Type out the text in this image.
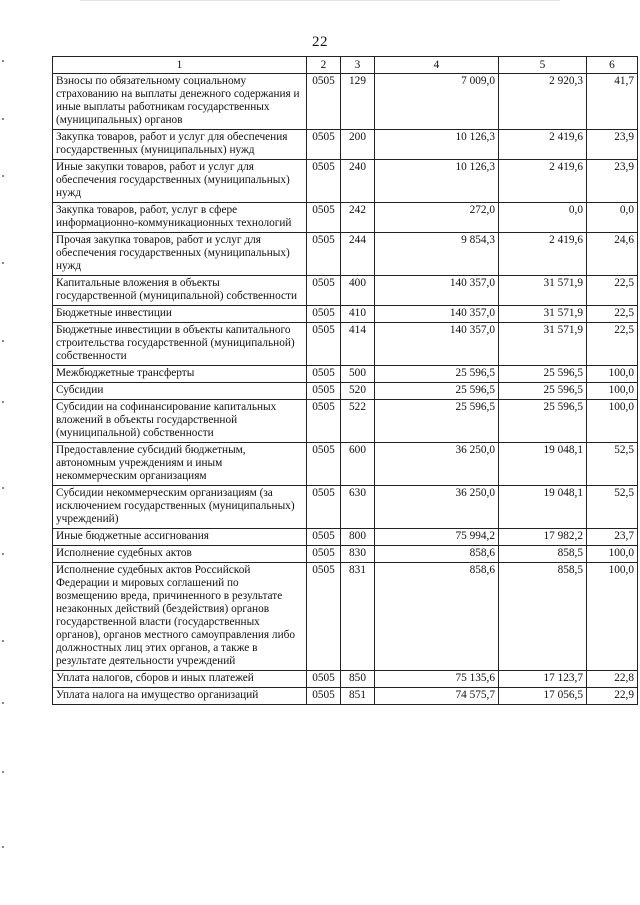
22
1	2	3	4	5	6
Взносы по обязательному социальному страхованию на выплаты денежного содержания и иные выплаты работникам государственных (муниципальных) органов	0505	129	7 009,0	2 920,3	41,7
Закупка товаров, работ и услуг для обеспечения государственных (муниципальных) нужд	0505	200	10 126,3	2 419,6	23,9
Иные закупки товаров, работ и услуг для обеспечения государственных (муниципальных) нужд	0505	240	10 126,3	2 419,6	23,9
Закупка товаров, работ, услуг в сфере информационно-коммуникационных технологий	0505	242	272,0	0,0	0,0
Прочая закупка товаров, работ и услуг для обеспечения государственных (муниципальных) нужд	0505	244	9 854,3	2 419,6	24,6
Капитальные вложения в объекты государственной (муниципальной) собственности	0505	400	140 357,0	31 571,9	22,5
Бюджетные инвестиции	0505	410	140 357,0	31 571,9	22,5
Бюджетные инвестиции в объекты капитального строительства государственной (муниципальной) собственности	0505	414	140 357,0	31 571,9	22,5
Межбюджетные трансферты	0505	500	25 596,5	25 596,5	100,0
Субсидии	0505	520	25 596,5	25 596,5	100,0
Субсидии на софинансирование капитальных вложений в объекты государственной (муниципальной) собственности	0505	522	25 596,5	25 596,5	100,0
Предоставление субсидий бюджетным, автономным учреждениям и иным некоммерческим организациям	0505	600	36 250,0	19 048,1	52,5
Субсидии некоммерческим организациям (за исключением государственных (муниципальных) учреждений)	0505	630	36 250,0	19 048,1	52,5
Иные бюджетные ассигнования	0505	800	75 994,2	17 982,2	23,7
Исполнение судебных актов	0505	830	858,6	858,5	100,0
Исполнение судебных актов Российской Федерации и мировых соглашений по возмещению вреда, причиненного в результате незаконных действий (бездействия) органов государственной власти (государственных органов), органов местного самоуправления либо должностных лиц этих органов, а также в результате деятельности учреждений	0505	831	858,6	858,5	100,0
Уплата налогов, сборов и иных платежей	0505	850	75 135,6	17 123,7	22,8
Уплата налога на имущество организаций	0505	851	74 575,7	17 056,5	22,9
